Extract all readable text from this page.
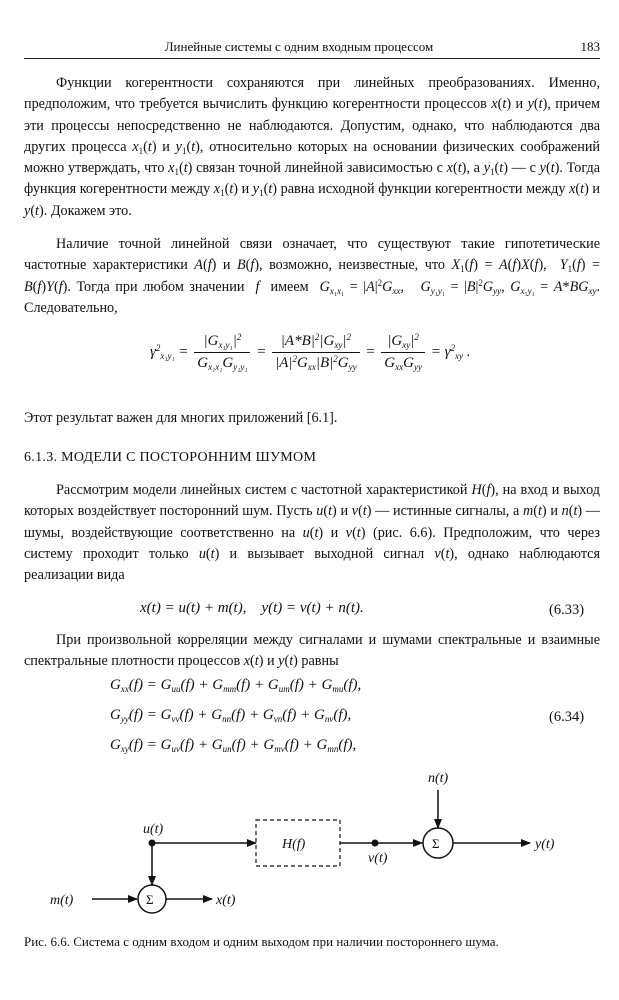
Линейные системы с одним входным процессом	183
Функции когерентности сохраняются при линейных преобразованиях. Именно, предположим, что требуется вычислить функцию когерентности процессов x(t) и y(t), причем эти процессы непосредственно не наблюдаются. Допустим, однако, что наблюдаются два других процесса $x_1(t)$ и $y_1(t)$, относительно которых на основании физических соображений можно утверждать, что $x_1(t)$ связан точной линейной зависимостью с x(t), а $y_1(t)$ — с y(t). Тогда функция когерентности между $x_1(t)$ и $y_1(t)$ равна исходной функции когерентности между x(t) и y(t). Докажем это.
Наличие точной линейной связи означает, что существуют такие гипотетические частотные характеристики A(f) и B(f), возможно, неизвестные, что $X_1(f) = A(f)X(f)$,  $Y_1(f) = B(f)Y(f)$. Тогда при любом значении  f  имеем  $G_{x_1x_1} = |A|^2G_{xx}$,   $G_{y_1y_1} = |B|^2G_{yy}$, $G_{x_1y_1} = A*BG_{xy}$. Следовательно,
$\gamma^2_{x_1y_1} = \frac{|G_{x_1y_1}|^2}{G_{x_1x_1}G_{y_1y_1}} = \frac{|A*B|^2|G_{xy}|^2}{|A|^2G_{xx}|B|^2G_{yy}} = \frac{|G_{xy}|^2}{G_{xx}G_{yy}} = \gamma^2_{xy}$ .
Этот результат важен для многих приложений [6.1].
6.1.3. МОДЕЛИ С ПОСТОРОННИМ ШУМОМ
Рассмотрим модели линейных систем с частотной характеристикой H(f), на вход и выход которых воздействует посторонний шум. Пусть u(t) и v(t) — истинные сигналы, а m(t) и n(t) — шумы, воздействующие соответственно на u(t) и v(t) (рис. 6.6). Предположим, что через систему проходит только u(t) и вызывает выходной сигнал v(t), однако наблюдаются реализации вида
x(t) = u(t) + m(t),    y(t) = v(t) + n(t).	(6.33)
При произвольной корреляции между сигналами и шумами спектральные и взаимные спектральные плотности процессов x(t) и y(t) равны
$G_{xx}(f) = G_{uu}(f) + G_{mm}(f) + G_{um}(f) + G_{mu}(f)$,
$G_{yy}(f) = G_{vv}(f) + G_{nn}(f) + G_{vn}(f) + G_{nv}(f)$,
$G_{xy}(f) = G_{uv}(f) + G_{un}(f) + G_{mv}(f) + G_{mn}(f)$,
(6.34)
u(t)
H(f)
v(t)
Σ
n(t)
y(t)
Σ
m(t)	x(t)
Рис. 6.6. Система с одним входом и одним выходом при наличии постороннего шума.
